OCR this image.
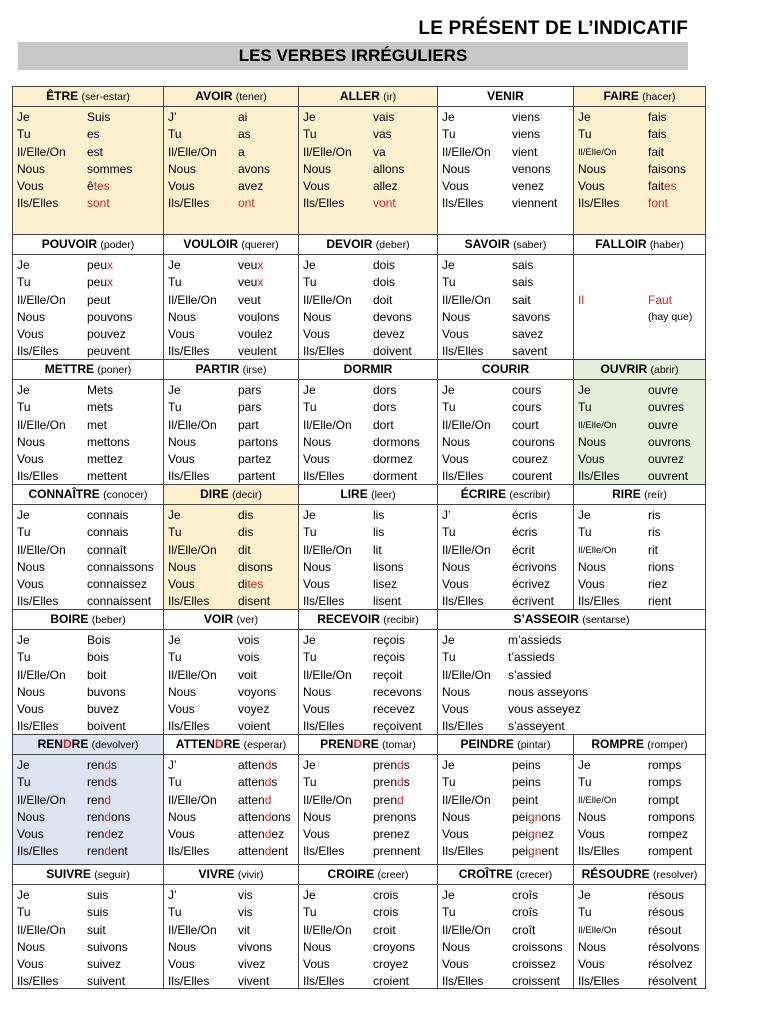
LE PRÉSENT DE L’INDICATIF
LES VERBES IRRÉGULIERS
ÊTRE (ser-estar)
Je	Suis
Tu	es
Il/Elle/On	est
Nous	sommes
Vous	êtes
Ils/Elles	sont
AVOIR (tener)
J’	ai
Tu	as
Il/Elle/On	a
Nous	avons
Vous	avez
Ils/Elles	ont
ALLER (ir)
Je	vais
Tu	vas
Il/Elle/On	va
Nous	allons
Vous	allez
Ils/Elles	vont
VENIR
Je	viens
Tu	viens
Il/Elle/On	vient
Nous	venons
Vous	venez
Ils/Elles	viennent
FAIRE (hacer)
Je	fais
Tu	fais
Il/Elle/On	fait
Nous	faisons
Vous	faites
Ils/Elles	font
POUVOIR (poder)
Je	peux
Tu	peux
Il/Elle/On	peut
Nous	pouvons
Vous	pouvez
Ils/Elles	peuvent
VOULOIR (querer)
Je	veux
Tu	veux
Il/Elle/On	veut
Nous	voulons
Vous	voulez
Ils/Elles	veulent
DEVOIR (deber)
Je	dois
Tu	dois
Il/Elle/On	doit
Nous	devons
Vous	devez
Ils/Elles	doivent
SAVOIR (saber)
Je	sais
Tu	sais
Il/Elle/On	sait
Nous	savons
Vous	savez
Ils/Elles	savent
FALLOIR (haber)
Il	Faut
(hay que)
METTRE (poner)
Je	Mets
Tu	mets
Il/Elle/On	met
Nous	mettons
Vous	mettez
Ils/Elles	mettent
PARTIR (irse)
Je	pars
Tu	pars
Il/Elle/On	part
Nous	partons
Vous	partez
Ils/Elles	partent
DORMIR
Je	dors
Tu	dors
Il/Elle/On	dort
Nous	dormons
Vous	dormez
Ils/Elles	dorment
COURIR
Je	cours
Tu	cours
Il/Elle/On	court
Nous	courons
Vous	courez
Ils/Elles	courent
OUVRIR (abrir)
Je	ouvre
Tu	ouvres
Il/Elle/On	ouvre
Nous	ouvrons
Vous	ouvrez
Ils/Elles	ouvrent
CONNAÎTRE (conocer)
Je	connais
Tu	connais
Il/Elle/On	connaît
Nous	connaissons
Vous	connaissez
Ils/Elles	connaissent
DIRE (decir)
Je	dis
Tu	dis
Il/Elle/On	dit
Nous	disons
Vous	dites
Ils/Elles	disent
LIRE (leer)
Je	lis
Tu	lis
Il/Elle/On	lit
Nous	lisons
Vous	lisez
Ils/Elles	lisent
ÉCRIRE (escribir)
J’	écris
Tu	écris
Il/Elle/On	écrit
Nous	écrivons
Vous	écrivez
Ils/Elles	écrivent
RIRE (reír)
Je	ris
Tu	ris
Il/Elle/On	rit
Nous	rions
Vous	riez
Ils/Elles	rient
BOIRE (beber)
Je	Bois
Tu	bois
Il/Elle/On	boit
Nous	buvons
Vous	buvez
Ils/Elles	boivent
VOIR (ver)
Je	vois
Tu	vois
Il/Elle/On	voit
Nous	voyons
Vous	voyez
Ils/Elles	voient
RECEVOIR (recibir)
Je	reçois
Tu	reçois
Il/Elle/On	reçoit
Nous	recevons
Vous	recevez
Ils/Elles	reçoivent
S’ASSEOIR (sentarse)
Je	m’assieds
Tu	t’assieds
Il/Elle/On	s’assied
Nous	nous asseyons
Vous	vous asseyez
Ils/Elles	s’asseyent
RENDRE (devolver)
Je	rends
Tu	rends
Il/Elle/On	rend
Nous	rendons
Vous	rendez
Ils/Elles	rendent
ATTENDRE (esperar)
J’	attends
Tu	attends
Il/Elle/On	attend
Nous	attendons
Vous	attendez
Ils/Elles	attendent
PRENDRE (tomar)
Je	prends
Tu	prends
Il/Elle/On	prend
Nous	prenons
Vous	prenez
Ils/Elles	prennent
PEINDRE (pintar)
Je	peins
Tu	peins
Il/Elle/On	peint
Nous	peignons
Vous	peignez
Ils/Elles	peignent
ROMPRE (romper)
Je	romps
Tu	romps
Il/Elle/On	rompt
Nous	rompons
Vous	rompez
Ils/Elles	rompent
SUIVRE (seguir)
Je	suis
Tu	suis
Il/Elle/On	suit
Nous	suivons
Vous	suivez
Ils/Elles	suivent
VIVRE (vivir)
J’	vis
Tu	vis
Il/Elle/On	vit
Nous	vivons
Vous	vivez
Ils/Elles	vivent
CROIRE (creer)
Je	crois
Tu	crois
Il/Elle/On	croit
Nous	croyons
Vous	croyez
Ils/Elles	croient
CROÎTRE (crecer)
Je	croîs
Tu	croîs
Il/Elle/On	croît
Nous	croissons
Vous	croissez
Ils/Elles	croissent
RÉSOUDRE (resolver)
Je	résous
Tu	résous
Il/Elle/On	résout
Nous	résolvons
Vous	résolvez
Ils/Elles	résolvent
